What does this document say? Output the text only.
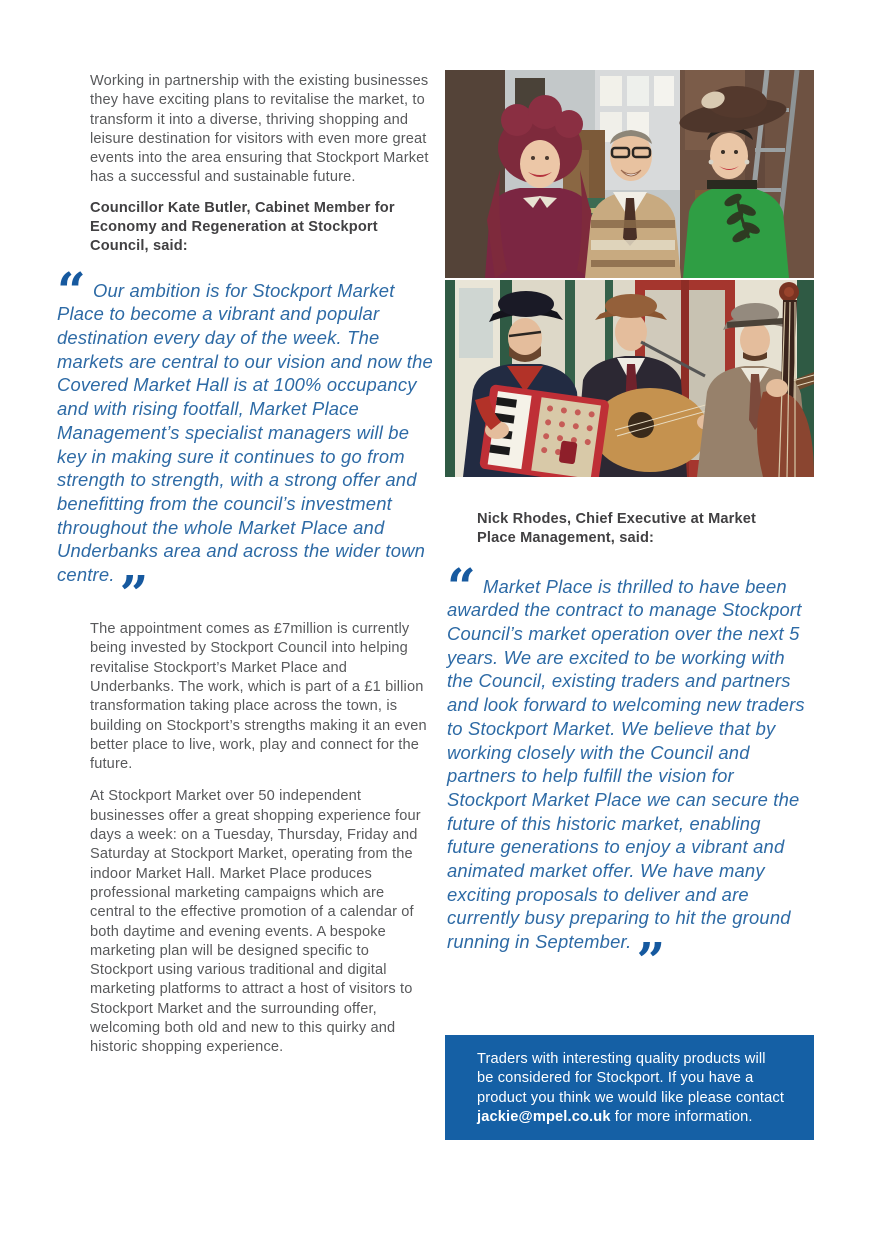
Working in partnership with the existing businesses they have exciting plans to revitalise the market, to transform it into a diverse, thriving shopping and leisure destination for visitors with even more great events into the area ensuring that Stockport Market has a successful and sustainable future.

Councillor Kate Butler, Cabinet Member for Economy and Regeneration at Stockport Council, said:
“ Our ambition is for Stockport Market Place to become a vibrant and popular destination every day of the week. The markets are central to our vision and now the Covered Market Hall is at 100% occupancy and with rising footfall, Market Place Management’s specialist managers will be key in making sure it continues to go from strength to strength, with a strong offer and benefitting from the council’s investment throughout the whole Market Place and Underbanks area and across the wider town centre. ”

The appointment comes as £7million is currently being invested by Stockport Council into helping revitalise Stockport’s Market Place and Underbanks. The work, which is part of a £1 billion transformation taking place across the town, is building on Stockport’s strengths making it an even better place to live, work, play and connect for the future.

At Stockport Market over 50 independent businesses offer a great shopping experience four days a week: on a Tuesday, Thursday, Friday and Saturday at Stockport Market, operating from the indoor Market Hall. Market Place produces professional marketing campaigns which are central to the effective promotion of a calendar of both daytime and evening events. A bespoke marketing plan will be designed specific to Stockport using various traditional and digital marketing platforms to attract a host of visitors to Stockport Market and the surrounding offer, welcoming both old and new to this quirky and historic shopping experience.

Nick Rhodes, Chief Executive at Market Place Management, said:
“ Market Place is thrilled to have been awarded the contract to manage Stockport Council’s market operation over the next 5 years. We are excited to be working with the Council, existing traders and partners and look forward to welcoming new traders to Stockport Market. We believe that by working closely with the Council and partners to help fulfill the vision for Stockport Market Place we can secure the future of this historic market, enabling future generations to enjoy a vibrant and animated market offer. We have many exciting proposals to deliver and are currently busy preparing to hit the ground running in September. ”
Traders with interesting quality products will be considered for Stockport. If you have a product you think we would like please contact jackie@mpel.co.uk for more information.
